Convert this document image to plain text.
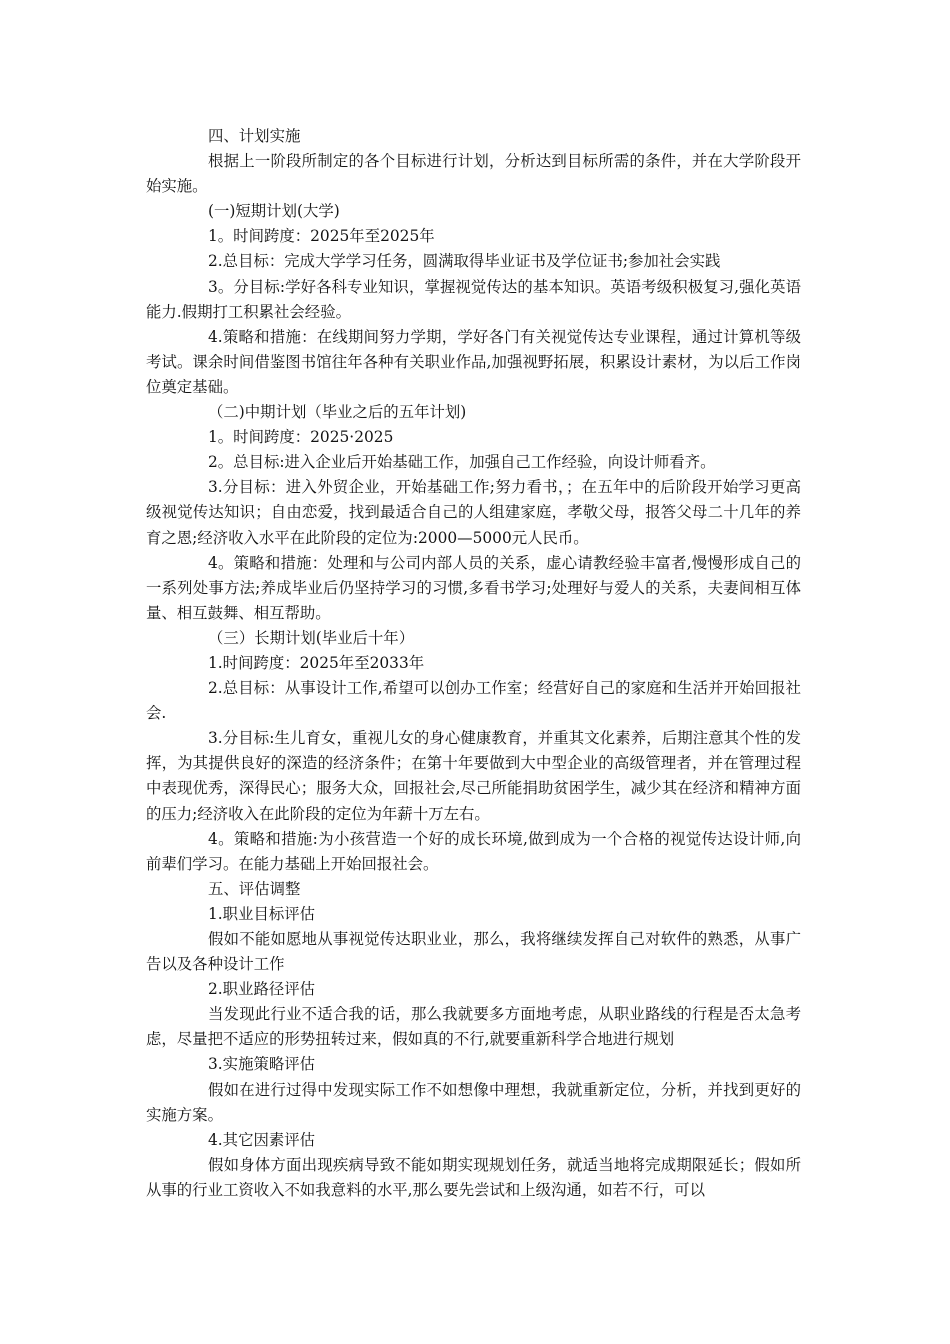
四、计划实施

根据上一阶段所制定的各个目标进行计划，分析达到目标所需的条件，并在大学阶段开始实施。

(一)短期计划(大学)

1。时间跨度：2025年至2025年

2.总目标：完成大学学习任务，圆满取得毕业证书及学位证书;参加社会实践

3。分目标:学好各科专业知识，掌握视觉传达的基本知识。英语考级积极复习,强化英语能力.假期打工积累社会经验。

4.策略和措施：在线期间努力学期，学好各门有关视觉传达专业课程，通过计算机等级考试。课余时间借鉴图书馆往年各种有关职业作品,加强视野拓展，积累设计素材，为以后工作岗位奠定基础。

（二)中期计划（毕业之后的五年计划)

1。时间跨度：2025·2025

2。总目标:进入企业后开始基础工作，加强自己工作经验，向设计师看齐。

3.分目标：进入外贸企业，开始基础工作;努力看书，；在五年中的后阶段开始学习更高级视觉传达知识；自由恋爱，找到最适合自己的人组建家庭，孝敬父母，报答父母二十几年的养育之恩;经济收入水平在此阶段的定位为:2000—5000元人民币。

4。策略和措施：处理和与公司内部人员的关系，虚心请教经验丰富者,慢慢形成自己的一系列处事方法;养成毕业后仍坚持学习的习惯,多看书学习;处理好与爱人的关系，夫妻间相互体量、相互鼓舞、相互帮助。

（三）长期计划(毕业后十年）

1.时间跨度：2025年至2033年

2.总目标：从事设计工作,希望可以创办工作室；经营好自己的家庭和生活并开始回报社会.

3.分目标:生儿育女，重视儿女的身心健康教育，并重其文化素养，后期注意其个性的发挥，为其提供良好的深造的经济条件；在第十年要做到大中型企业的高级管理者，并在管理过程中表现优秀，深得民心；服务大众，回报社会,尽己所能捐助贫困学生，减少其在经济和精神方面的压力;经济收入在此阶段的定位为年薪十万左右。

4。策略和措施:为小孩营造一个好的成长环境,做到成为一个合格的视觉传达设计师,向前辈们学习。在能力基础上开始回报社会。

五、评估调整

1.职业目标评估

假如不能如愿地从事视觉传达职业业，那么，我将继续发挥自己对软件的熟悉，从事广告以及各种设计工作

2.职业路径评估

当发现此行业不适合我的话，那么我就要多方面地考虑，从职业路线的行程是否太急考虑，尽量把不适应的形势扭转过来，假如真的不行,就要重新科学合地进行规划

3.实施策略评估

假如在进行过得中发现实际工作不如想像中理想，我就重新定位，分析，并找到更好的实施方案。

4.其它因素评估

假如身体方面出现疾病导致不能如期实现规划任务，就适当地将完成期限延长；假如所从事的行业工资收入不如我意料的水平,那么要先尝试和上级沟通，如若不行，可以
